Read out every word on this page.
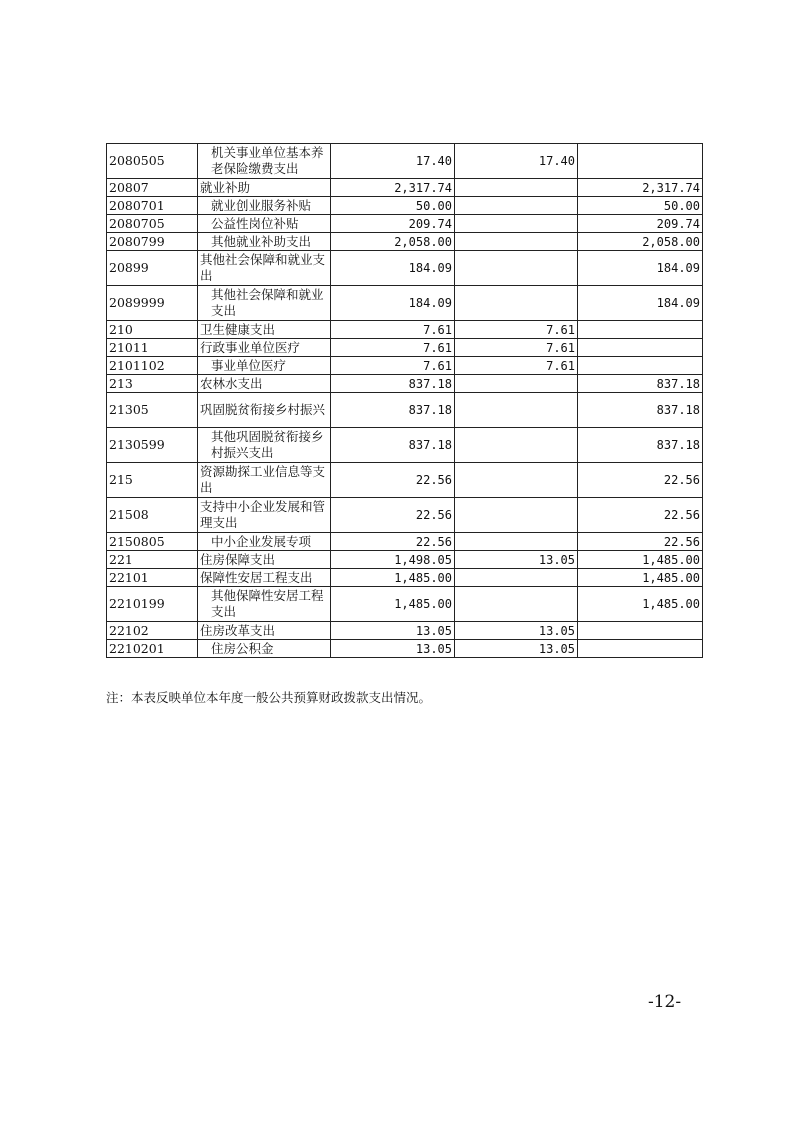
2080505	机关事业单位基本养老保险缴费支出	17.40	17.40	
20807	就业补助	2,317.74		2,317.74
2080701	就业创业服务补贴	50.00		50.00
2080705	公益性岗位补贴	209.74		209.74
2080799	其他就业补助支出	2,058.00		2,058.00
20899	其他社会保障和就业支出	184.09		184.09
2089999	其他社会保障和就业支出	184.09		184.09
210	卫生健康支出	7.61	7.61	
21011	行政事业单位医疗	7.61	7.61	
2101102	事业单位医疗	7.61	7.61	
213	农林水支出	837.18		837.18
21305	巩固脱贫衔接乡村振兴	837.18		837.18
2130599	其他巩固脱贫衔接乡村振兴支出	837.18		837.18
215	资源勘探工业信息等支出	22.56		22.56
21508	支持中小企业发展和管理支出	22.56		22.56
2150805	中小企业发展专项	22.56		22.56
221	住房保障支出	1,498.05	13.05	1,485.00
22101	保障性安居工程支出	1,485.00		1,485.00
2210199	其他保障性安居工程支出	1,485.00		1,485.00
22102	住房改革支出	13.05	13.05	
2210201	住房公积金	13.05	13.05	
注：本表反映单位本年度一般公共预算财政拨款支出情况。
-12-
